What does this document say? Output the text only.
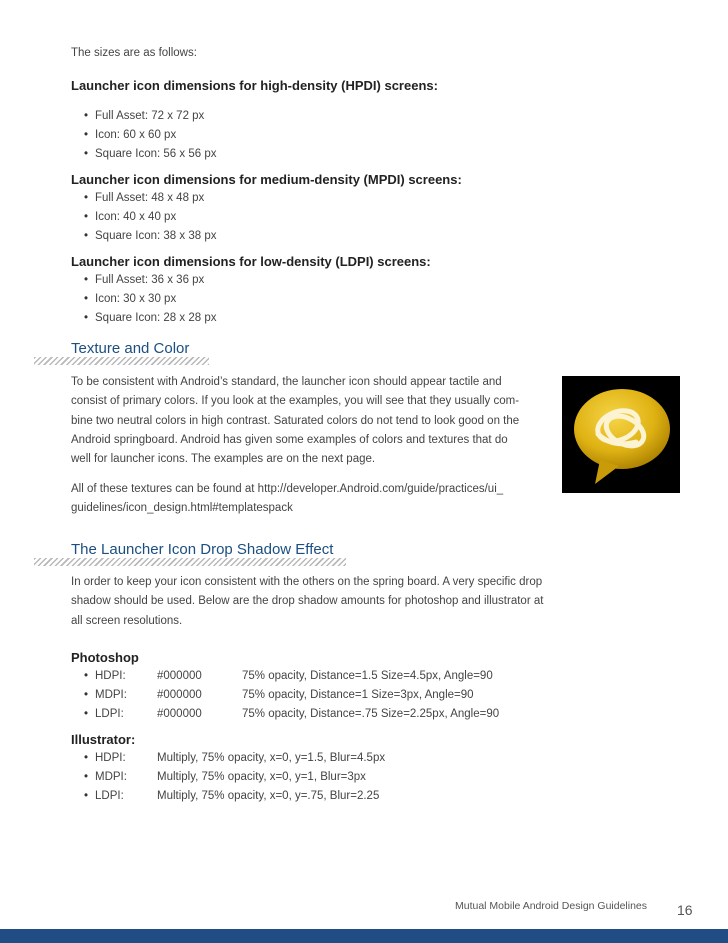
The sizes are as follows:
Launcher icon dimensions for high-density (HPDI) screens:
• Full Asset: 72 x 72 px
• Icon: 60 x 60 px
• Square Icon: 56 x 56 px
Launcher icon dimensions for medium-density (MPDI) screens:
• Full Asset: 48 x 48 px
• Icon: 40 x 40 px
• Square Icon: 38 x 38 px
Launcher icon dimensions for low-density (LDPI) screens:
• Full Asset: 36 x 36 px
• Icon: 30 x 30 px
• Square Icon: 28 x 28 px
Texture and Color
To be consistent with Android’s standard, the launcher icon should appear tactile and
consist of primary colors. If you look at the examples, you will see that they usually com-
bine two neutral colors in high contrast. Saturated colors do not tend to look good on the
Android springboard. Android has given some examples of colors and textures that do
well for launcher icons. The examples are on the next page.
All of these textures can be found at http://developer.Android.com/guide/practices/ui_
guidelines/icon_design.html#templatespack
The Launcher Icon Drop Shadow Effect
In order to keep your icon consistent with the others on the spring board. A very specific drop
shadow should be used. Below are the drop shadow amounts for photoshop and illustrator at
all screen resolutions.
Photoshop
• HDPI:	#000000	75% opacity, Distance=1.5 Size=4.5px, Angle=90
• MDPI:	#000000	75% opacity, Distance=1 Size=3px, Angle=90
• LDPI:	#000000	75% opacity, Distance=.75 Size=2.25px, Angle=90
Illustrator:
• HDPI:	Multiply, 75% opacity, x=0, y=1.5, Blur=4.5px
• MDPI:	Multiply, 75% opacity, x=0, y=1, Blur=3px
• LDPI:	Multiply, 75% opacity, x=0, y=.75, Blur=2.25
Mutual Mobile Android Design Guidelines 16
